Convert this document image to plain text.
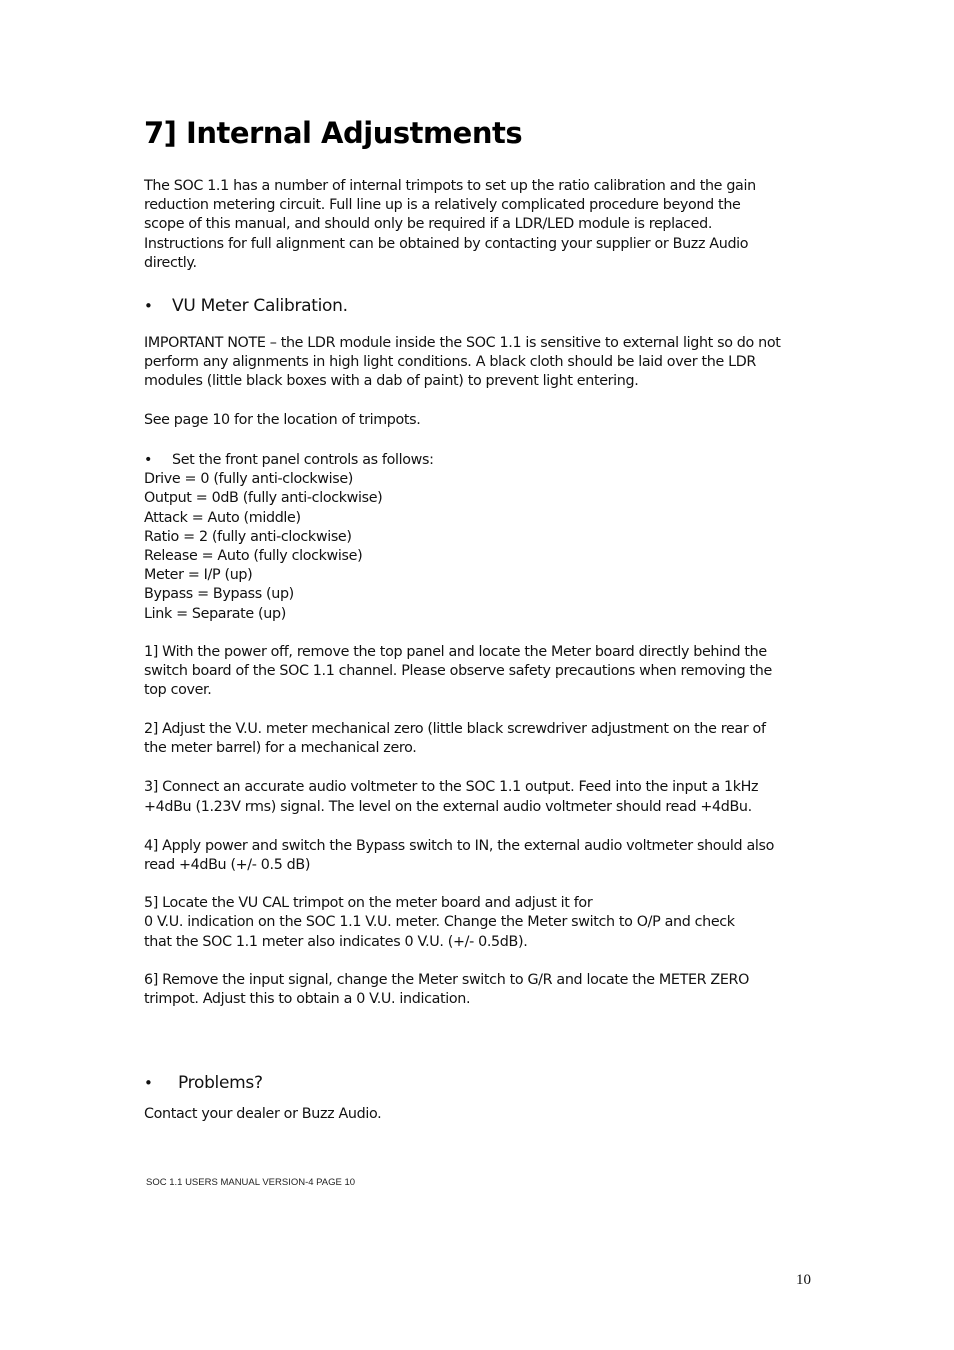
7] Internal Adjustments

The SOC 1.1 has a number of internal trimpots to set up the ratio calibration and the gain

reduction metering circuit. Full line up is a relatively complicated procedure beyond the

scope of this manual, and should only be required if a LDR/LED module is replaced.

Instructions for full alignment can be obtained by contacting your supplier or Buzz Audio

directly.

•	VU Meter Calibration.

IMPORTANT NOTE – the LDR module inside the SOC 1.1 is sensitive to external light so do not

perform any alignments in high light conditions. A black cloth should be laid over the LDR

modules (little black boxes with a dab of paint) to prevent light entering.

See page 10 for the location of trimpots.

•	Set the front panel controls as follows:

Drive = 0 (fully anti-clockwise)

Output = 0dB (fully anti-clockwise)

Attack = Auto (middle)

Ratio = 2 (fully anti-clockwise)

Release = Auto (fully clockwise)

Meter = I/P (up)

Bypass = Bypass (up)

Link = Separate (up)

1] With the power off, remove the top panel and locate the Meter board directly behind the

switch board of the SOC 1.1 channel. Please observe safety precautions when removing the

top cover.

2] Adjust the V.U. meter mechanical zero (little black screwdriver adjustment on the rear of

the meter barrel) for a mechanical zero.

3] Connect an accurate audio voltmeter to the SOC 1.1 output. Feed into the input a 1kHz

+4dBu (1.23V rms) signal. The level on the external audio voltmeter should read +4dBu.

4] Apply power and switch the Bypass switch to IN, the external audio voltmeter should also

read +4dBu (+/- 0.5 dB)

5] Locate the VU CAL trimpot on the meter board and adjust it for

0 V.U. indication on the SOC 1.1 V.U. meter. Change the Meter switch to O/P and check

that the SOC 1.1 meter also indicates 0 V.U. (+/- 0.5dB).

6] Remove the input signal, change the Meter switch to G/R and locate the METER ZERO

trimpot. Adjust this to obtain a 0 V.U. indication.

•	Problems?

Contact your dealer or Buzz Audio.

SOC 1.1 USERS MANUAL VERSION-4 PAGE 10
10
